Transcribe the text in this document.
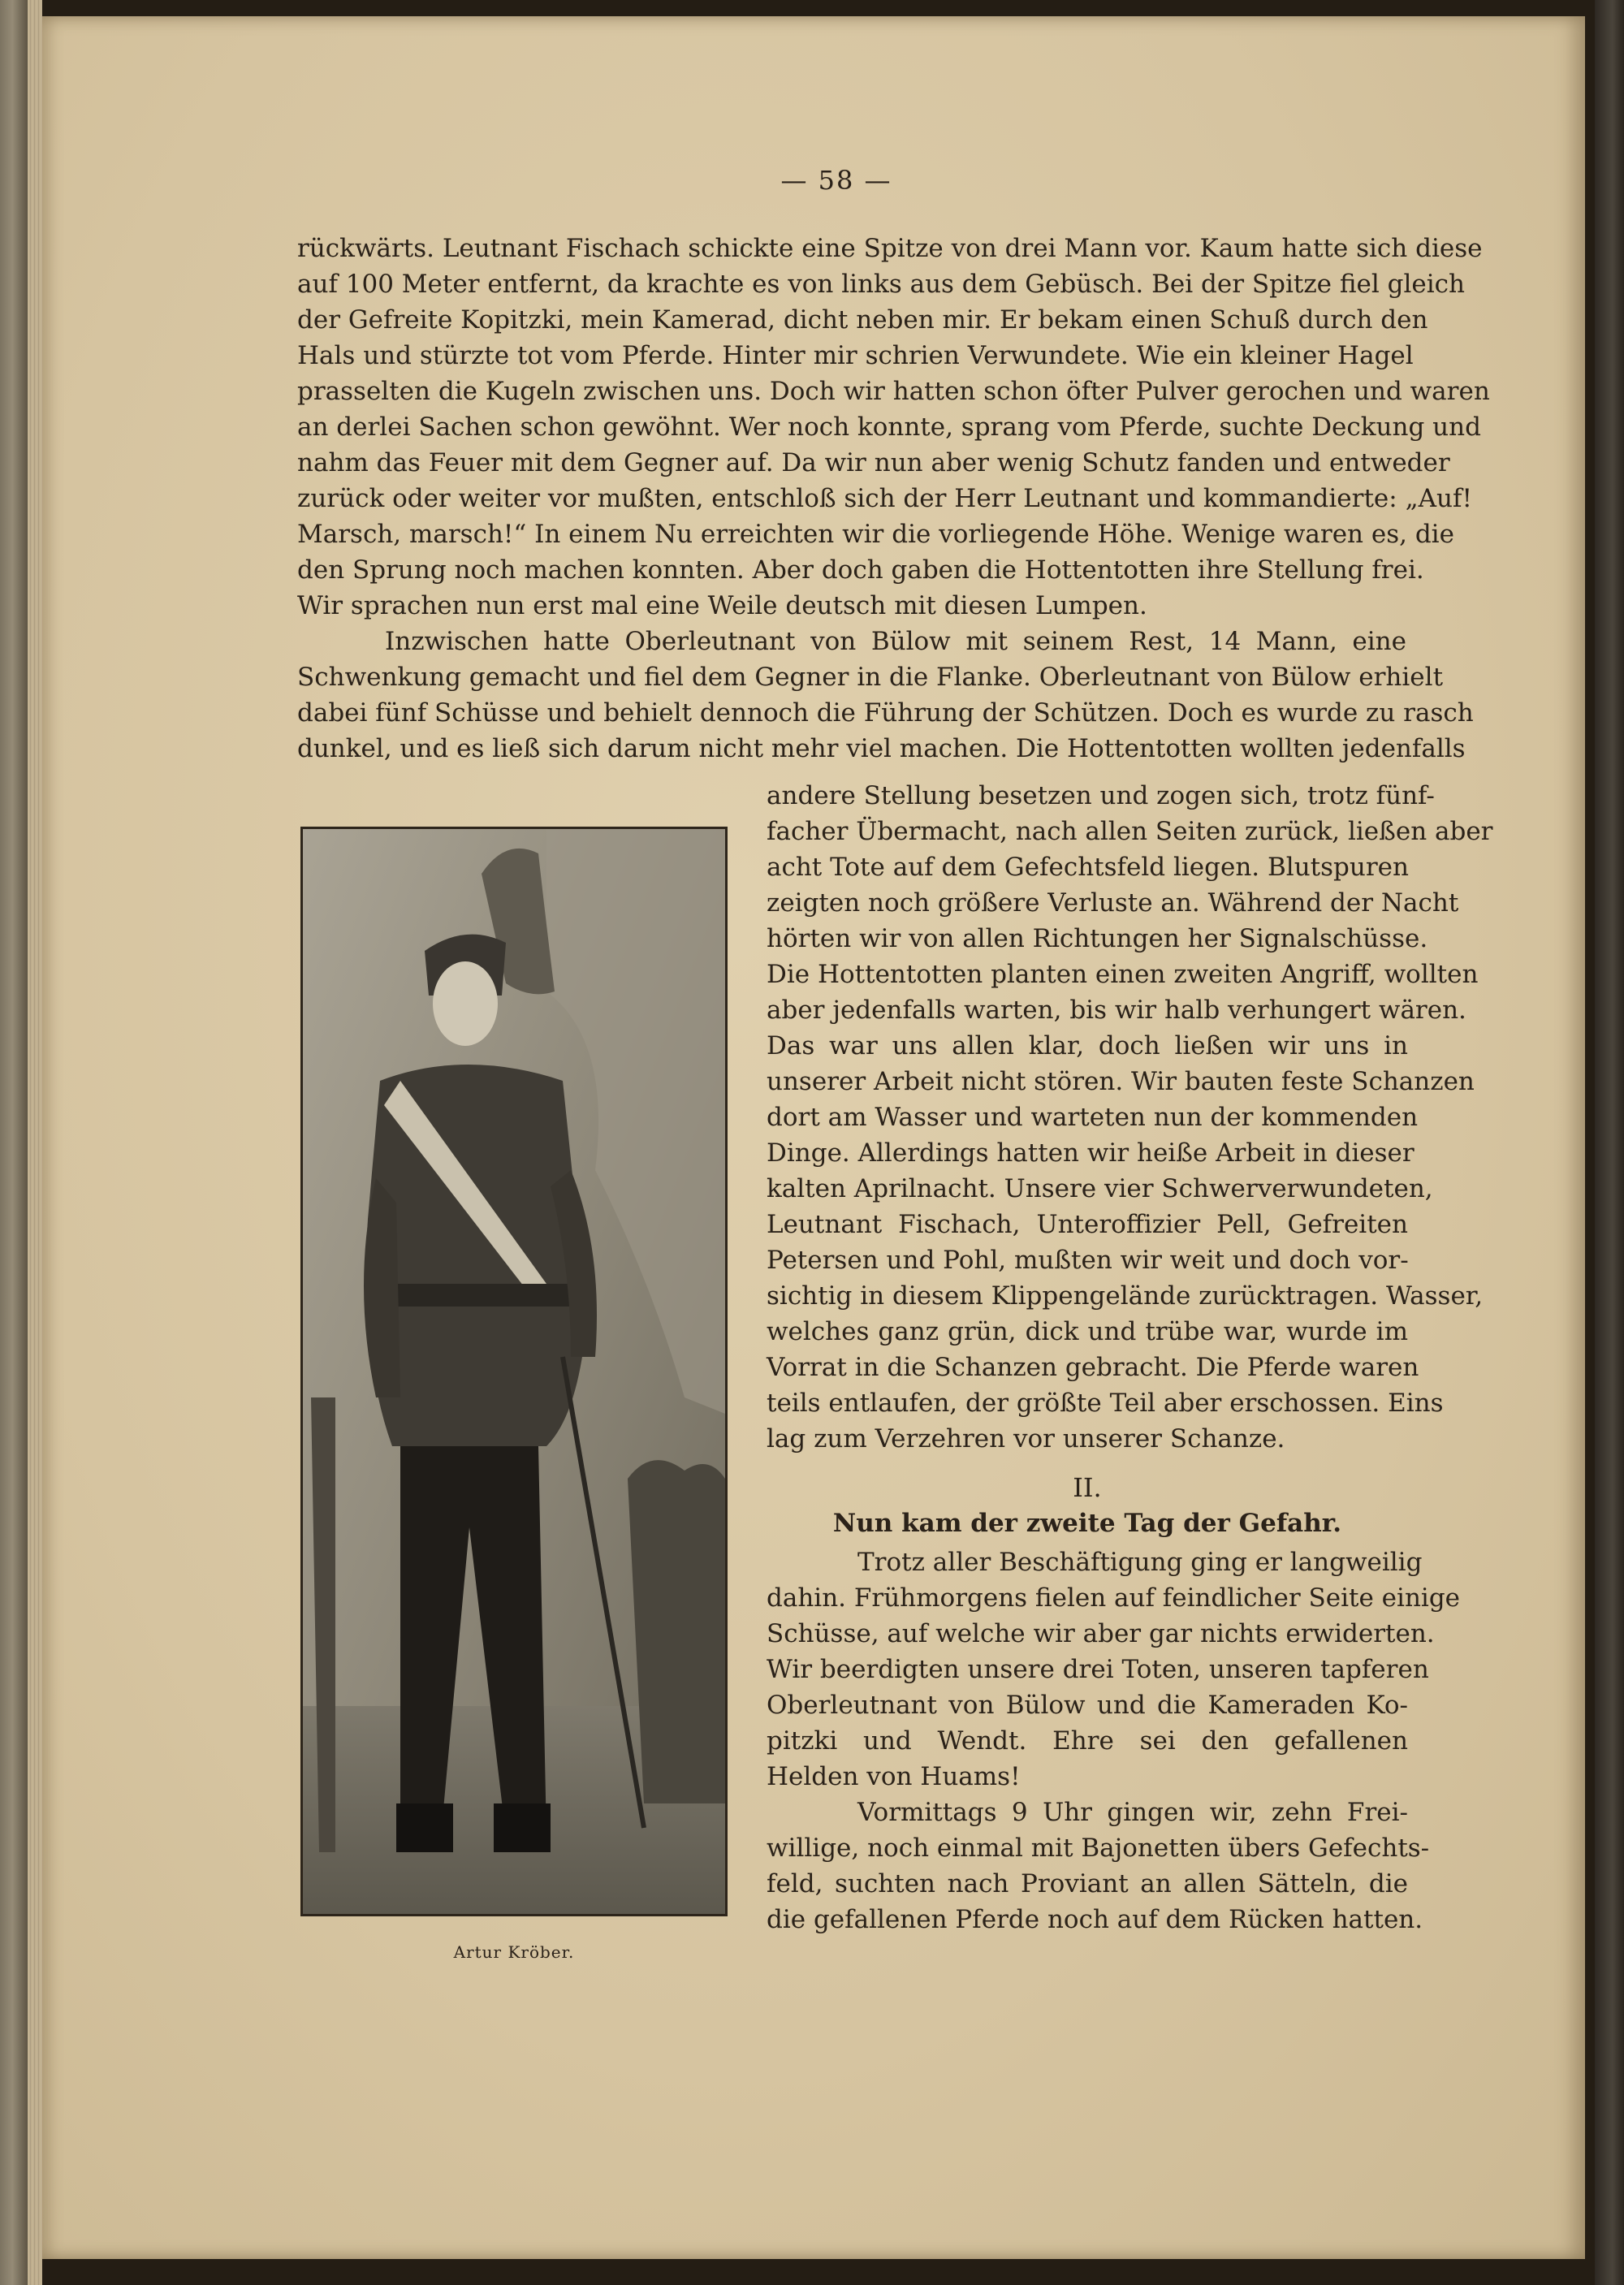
— 58 —
rückwärts. Leutnant Fischach schickte eine Spitze von drei Mann vor. Kaum hatte sich diese
auf 100 Meter entfernt, da krachte es von links aus dem Gebüsch. Bei der Spitze fiel gleich
der Gefreite Kopitzki, mein Kamerad, dicht neben mir. Er bekam einen Schuß durch den
Hals und stürzte tot vom Pferde. Hinter mir schrien Verwundete. Wie ein kleiner Hagel
prasselten die Kugeln zwischen uns. Doch wir hatten schon öfter Pulver gerochen und waren
an derlei Sachen schon gewöhnt. Wer noch konnte, sprang vom Pferde, suchte Deckung und
nahm das Feuer mit dem Gegner auf. Da wir nun aber wenig Schutz fanden und entweder
zurück oder weiter vor mußten, entschloß sich der Herr Leutnant und kommandierte: „Auf!
Marsch, marsch!“ In einem Nu erreichten wir die vorliegende Höhe. Wenige waren es, die
den Sprung noch machen konnten. Aber doch gaben die Hottentotten ihre Stellung frei.
Wir sprachen nun erst mal eine Weile deutsch mit diesen Lumpen.
Inzwischen hatte Oberleutnant von Bülow mit seinem Rest, 14 Mann, eine
Schwenkung gemacht und fiel dem Gegner in die Flanke. Oberleutnant von Bülow erhielt
dabei fünf Schüsse und behielt dennoch die Führung der Schützen. Doch es wurde zu rasch
dunkel, und es ließ sich darum nicht mehr viel machen. Die Hottentotten wollten jedenfalls
Artur Kröber.
andere Stellung besetzen und zogen sich, trotz fünf-
facher Übermacht, nach allen Seiten zurück, ließen aber
acht Tote auf dem Gefechtsfeld liegen. Blutspuren
zeigten noch größere Verluste an. Während der Nacht
hörten wir von allen Richtungen her Signalschüsse.
Die Hottentotten planten einen zweiten Angriff, wollten
aber jedenfalls warten, bis wir halb verhungert wären.
Das war uns allen klar, doch ließen wir uns in
unserer Arbeit nicht stören. Wir bauten feste Schanzen
dort am Wasser und warteten nun der kommenden
Dinge. Allerdings hatten wir heiße Arbeit in dieser
kalten Aprilnacht. Unsere vier Schwerverwundeten,
Leutnant Fischach, Unteroffizier Pell, Gefreiten
Petersen und Pohl, mußten wir weit und doch vor-
sichtig in diesem Klippengelände zurücktragen. Wasser,
welches ganz grün, dick und trübe war, wurde im
Vorrat in die Schanzen gebracht. Die Pferde waren
teils entlaufen, der größte Teil aber erschossen. Eins
lag zum Verzehren vor unserer Schanze.
II.
Nun kam der zweite Tag der Gefahr.
Trotz aller Beschäftigung ging er langweilig
dahin. Frühmorgens fielen auf feindlicher Seite einige
Schüsse, auf welche wir aber gar nichts erwiderten.
Wir beerdigten unsere drei Toten, unseren tapferen
Oberleutnant von Bülow und die Kameraden Ko-
pitzki und Wendt. Ehre sei den gefallenen
Helden von Huams!
Vormittags 9 Uhr gingen wir, zehn Frei-
willige, noch einmal mit Bajonetten übers Gefechts-
feld, suchten nach Proviant an allen Sätteln, die
die gefallenen Pferde noch auf dem Rücken hatten.
